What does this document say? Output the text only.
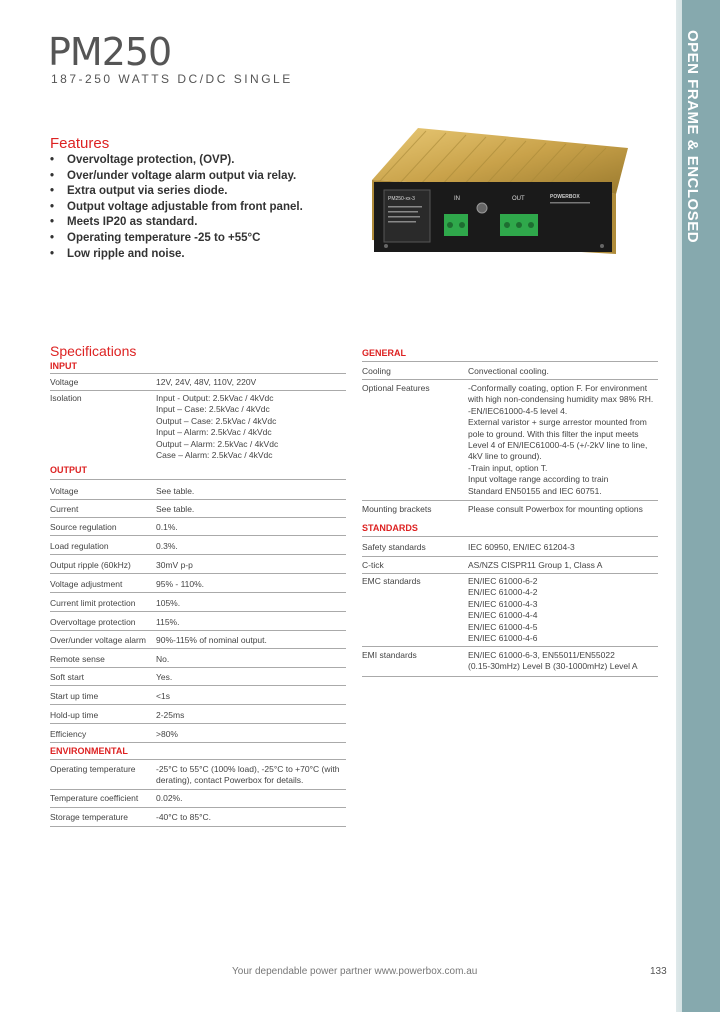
OPEN FRAME & ENCLOSED
PM250
187-250 WATTS DC/DC SINGLE
Features
• Overvoltage protection, (OVP).
• Over/under voltage alarm output via relay.
• Extra output via series diode.
• Output voltage adjustable from front panel.
• Meets IP20 as standard.
• Operating temperature -25 to +55°C
• Low ripple and noise.
PM250-xx-3	IN	OUT	POWERBOX
Specifications
INPUT
Voltage	12V, 24V, 48V, 110V, 220V
Isolation	Input - Output: 2.5kVac / 4kVdc
Input – Case: 2.5kVac / 4kVdc
Output – Case: 2.5kVac / 4kVdc
Input – Alarm: 2.5kVac / 4kVdc
Output – Alarm: 2.5kVac / 4kVdc
Case – Alarm: 2.5kVac / 4kVdc
OUTPUT
Voltage	See table.
Current	See table.
Source regulation	0.1%.
Load regulation	0.3%.
Output ripple (60kHz)	30mV p-p
Voltage adjustment	95% - 110%.
Current limit protection 105%.
Overvoltage protection 115%.
Over/under voltage alarm 90%-115% of nominal output.
Remote sense	No.
Soft start	Yes.
Start up time	<1s
Hold-up time	2-25ms
Efficiency	>80%
ENVIRONMENTAL
Operating temperature -25°C to 55°C (100% load), -25°C to +70°C (with
derating), contact Powerbox for details.
Temperature coefficient 0.02%.
Storage temperature	-40°C to 85°C.
GENERAL
Cooling	Convectional cooling.
Optional Features	-Conformally coating, option F. For environment
with high non-condensing humidity max 98% RH.
-EN/IEC61000-4-5 level 4.
External varistor + surge arrestor mounted from
pole to ground. With this filter the input meets
Level 4 of EN/IEC61000-4-5 (+/-2kV line to line,
4kV line to ground).
-Train input, option T.
Input voltage range according to train
Standard EN50155 and IEC 60751.
Mounting brackets	Please consult Powerbox for mounting options
STANDARDS
Safety standards	IEC 60950, EN/IEC 61204-3
C-tick	AS/NZS CISPR11 Group 1, Class A
EMC standards	EN/IEC 61000-6-2
EN/IEC 61000-4-2
EN/IEC 61000-4-3
EN/IEC 61000-4-4
EN/IEC 61000-4-5
EN/IEC 61000-4-6
EMI standards	EN/IEC 61000-6-3, EN55011/EN55022
(0.15-30mHz) Level B (30-1000mHz) Level A
Your dependable power partner www.powerbox.com.au	133
